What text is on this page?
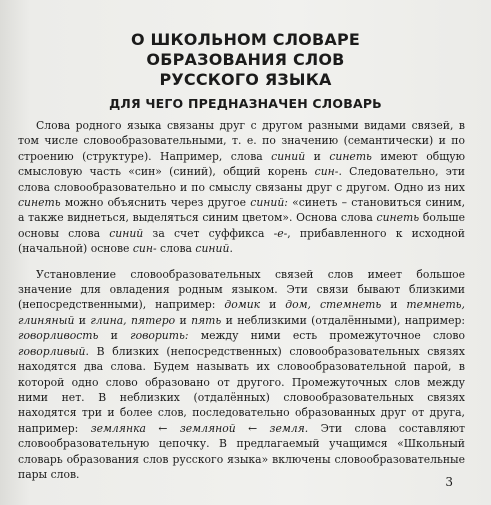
О ШКОЛЬНОМ СЛОВАРЕ
ОБРАЗОВАНИЯ СЛОВ
РУССКОГО ЯЗЫКА
ДЛЯ ЧЕГО ПРЕДНАЗНАЧЕН СЛОВАРЬ

Слова родного языка связаны друг с другом разными видами связей, в том числе словообразовательными, т. е. по значению (семантически) и по строению (структуре). Например, слова синий и синеть имеют общую смысловую часть «син» (синий), общий корень син-. Следовательно, эти слова словообразовательно и по смыслу связаны друг с другом. Одно из них синеть можно объяснить через другое синий: «синеть – становиться синим, а также виднеться, выделяться синим цветом». Основа слова синеть больше основы слова синий за счет суффикса -е-, прибавленного к исходной (начальной) основе син- слова синий.

Установление словообразовательных связей слов имеет большое значение для овладения родным языком. Эти связи бывают близкими (непосредственными), например: домик и дом, стемнеть и темнеть, глиняный и глина, пятеро и пять и неблизкими (отдалёнными), например: говорливость и говорить: между ними есть промежуточное слово говорливый. В близких (непосредственных) словообразовательных связях находятся два слова. Будем называть их словообразовательной парой, в которой одно слово образовано от другого. Промежуточных слов между ними нет. В неблизких (отдалённых) словообразовательных связях находятся три и более слов, последовательно образованных друг от друга, например: землянка ← земляной ← земля. Эти слова составляют словообразовательную цепочку. В предлагаемый учащимся «Школьный словарь образования слов русского языка» включены словообразовательные пары слов.

3
